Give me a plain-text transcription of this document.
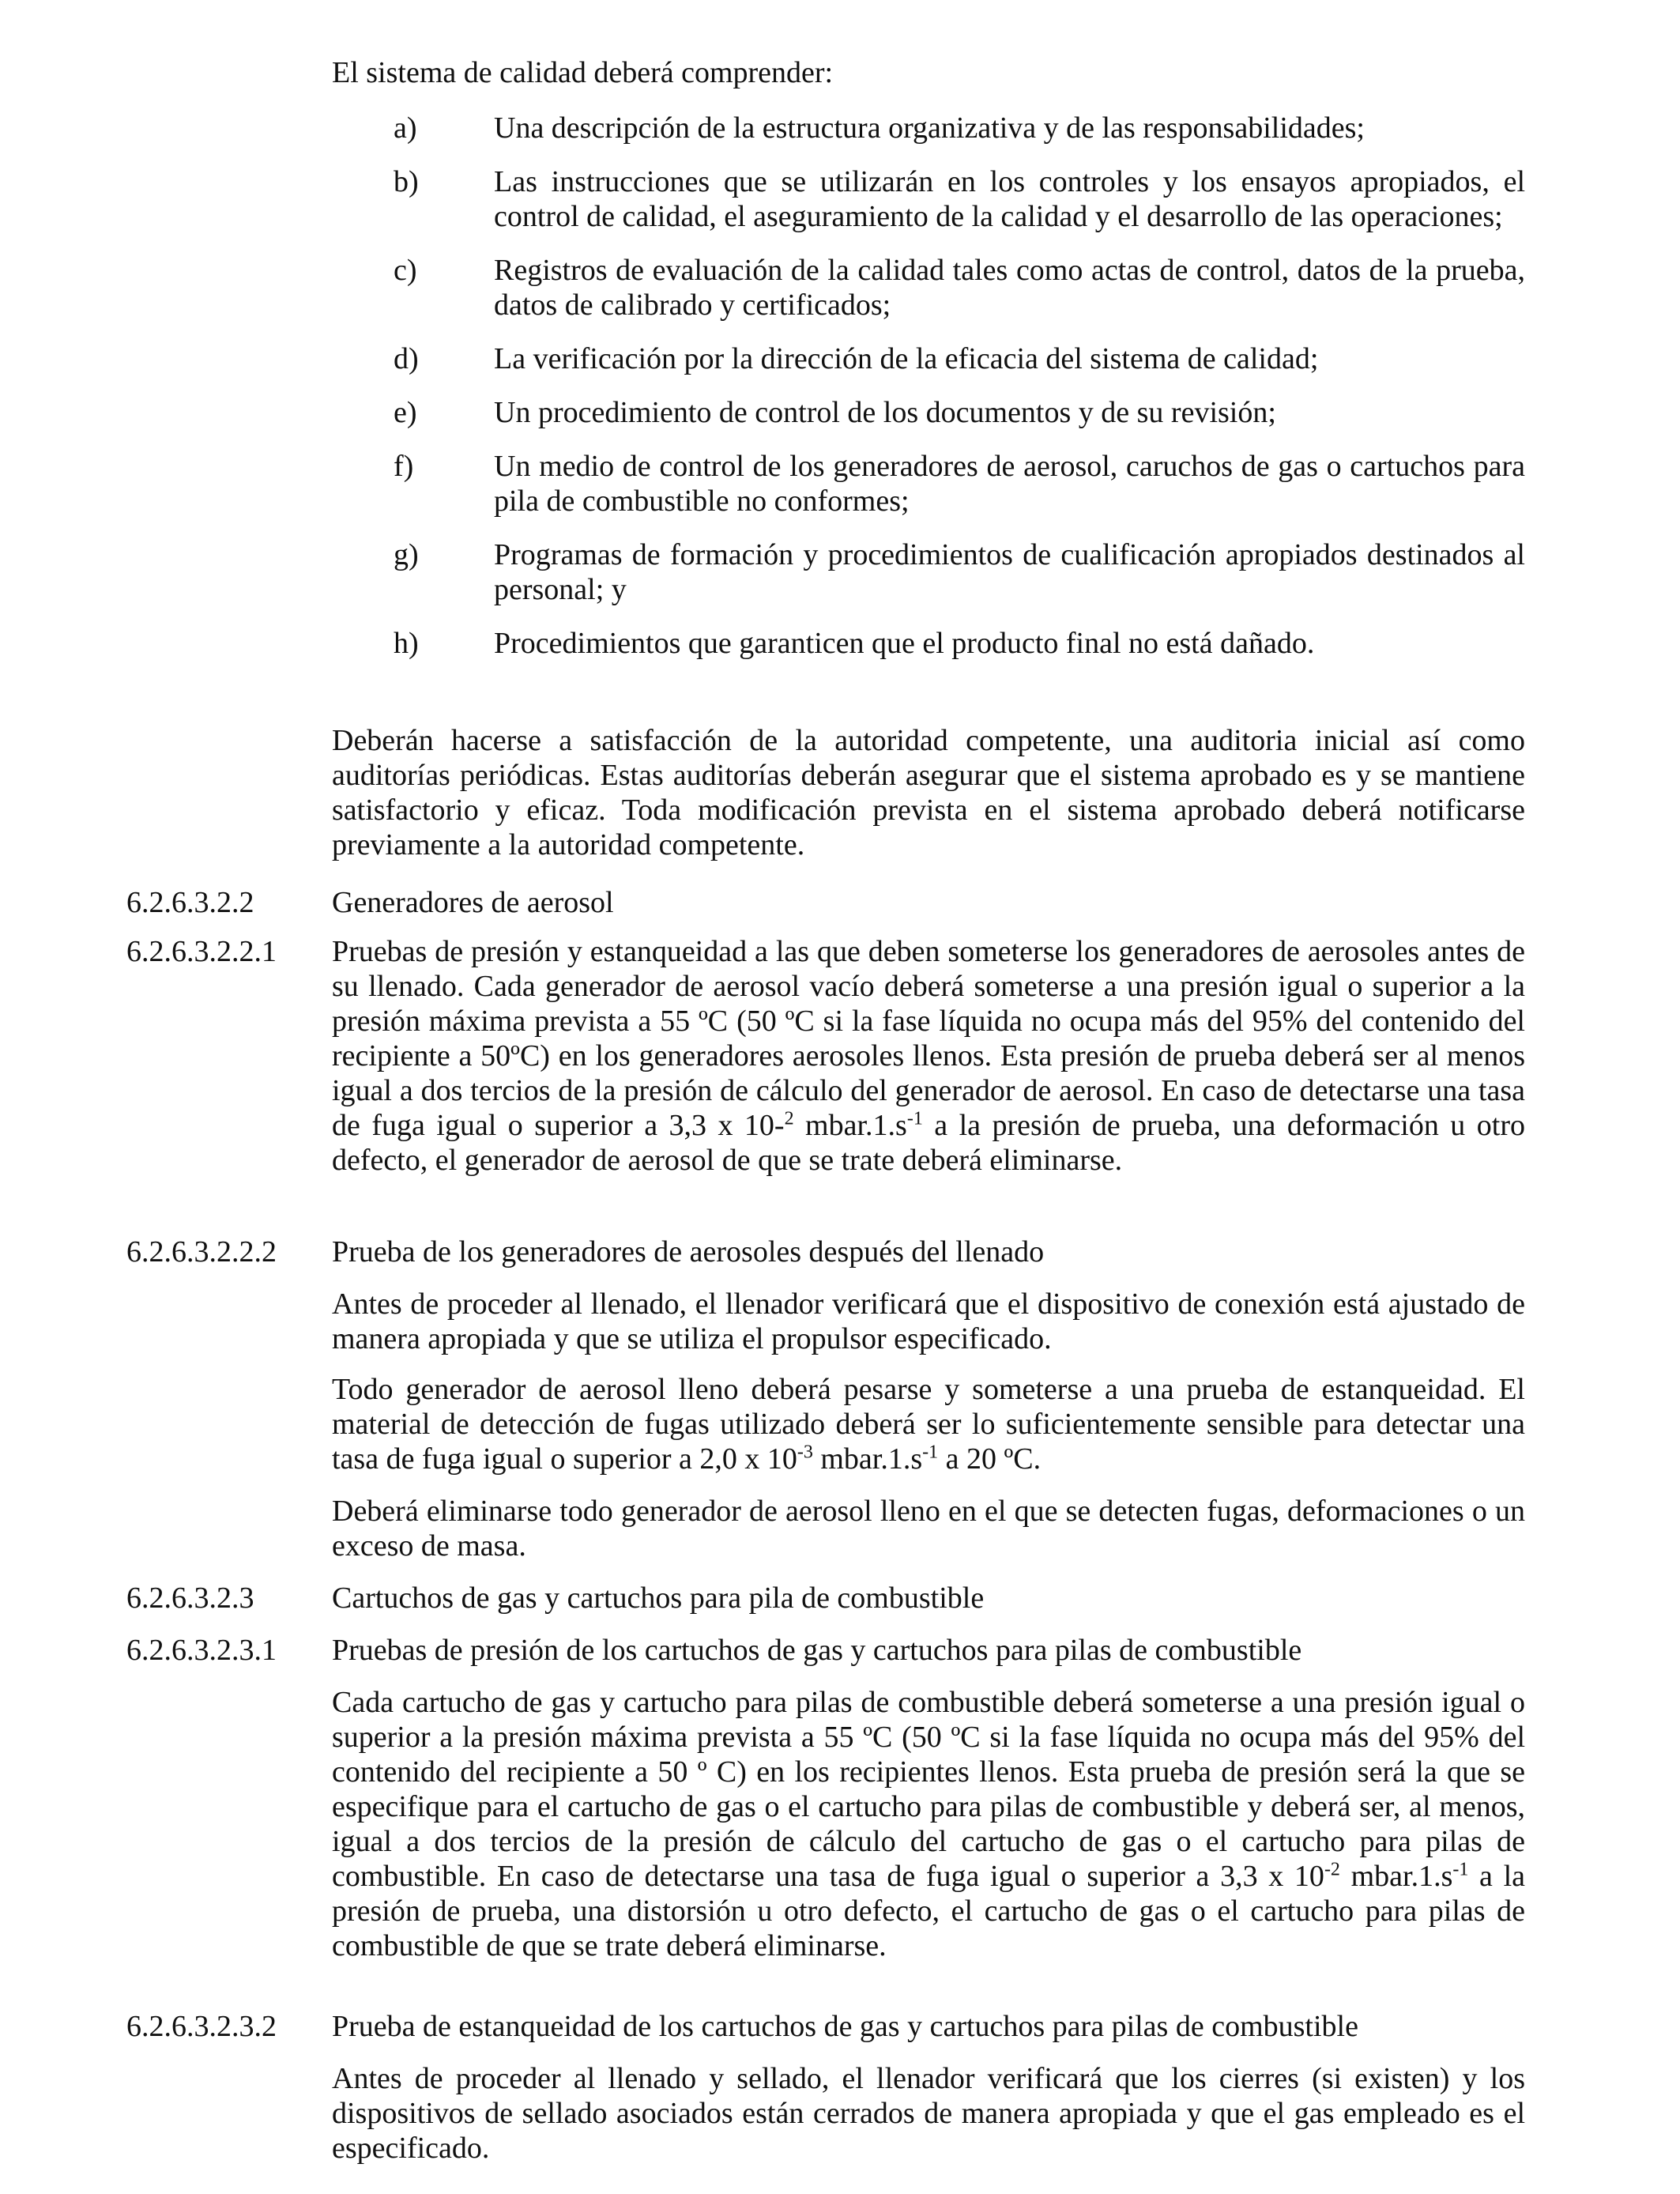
El sistema de calidad deberá comprender:
a)	Una descripción de la estructura organizativa y de las responsabilidades;
b)	Las instrucciones que se utilizarán en los controles y los ensayos apropiados, el control de calidad, el aseguramiento de la calidad y el desarrollo de las operaciones;
c)	Registros de evaluación de la calidad tales como actas de control, datos de la prueba, datos de calibrado y certificados;
d)	La verificación por la dirección de la eficacia del sistema de calidad;
e)	Un procedimiento de control de los documentos y de su revisión;
f)	Un medio de control de los generadores de aerosol, caruchos de gas o cartuchos para pila de combustible no conformes;
g)	Programas de formación y procedimientos de cualificación apropiados destinados al personal; y
h)	Procedimientos que garanticen que el producto final no está dañado.
Deberán hacerse a satisfacción de la autoridad competente, una auditoria inicial así como auditorías periódicas. Estas auditorías deberán asegurar que el sistema aprobado es y se mantiene satisfactorio y eficaz. Toda modificación prevista en el sistema aprobado deberá notificarse previamente a la autoridad competente.
6.2.6.3.2.2	Generadores de aerosol
6.2.6.3.2.2.1 Pruebas de presión y estanqueidad a las que deben someterse los generadores de aerosoles antes de su llenado. Cada generador de aerosol vacío deberá someterse a una presión igual o superior a la presión máxima prevista a 55 ºC (50 ºC si la fase líquida no ocupa más del 95% del contenido del recipiente a 50ºC) en los generadores aerosoles llenos. Esta presión de prueba deberá ser al menos igual a dos tercios de la presión de cálculo del generador de aerosol. En caso de detectarse una tasa de fuga igual o superior a 3,3 x 10-$^2$ $mbar.1.s^{-1}$ a la presión de prueba, una deformación u otro defecto, el generador de aerosol de que se trate deberá eliminarse.
6.2.6.3.2.2.2 Prueba de los generadores de aerosoles después del llenado
Antes de proceder al llenado, el llenador verificará que el dispositivo de conexión está ajustado de manera apropiada y que se utiliza el propulsor especificado.
Todo generador de aerosol lleno deberá pesarse y someterse a una prueba de estanqueidad. El material de detección de fugas utilizado deberá ser lo suficientemente sensible para detectar una tasa de fuga igual o superior a 2,0 x $10^{-3}$ $mbar.1.s^{-1}$ a 20 ºC.
Deberá eliminarse todo generador de aerosol lleno en el que se detecten fugas, deformaciones o un exceso de masa.
6.2.6.3.2.3	Cartuchos de gas y cartuchos para pila de combustible
6.2.6.3.2.3.1 Pruebas de presión de los cartuchos de gas y cartuchos para pilas de combustible
Cada cartucho de gas y cartucho para pilas de combustible deberá someterse a una presión igual o superior a la presión máxima prevista a 55 ºC (50 ºC si la fase líquida no ocupa más del 95% del contenido del recipiente a 50 º C) en los recipientes llenos. Esta prueba de presión será la que se especifique para el cartucho de gas o el cartucho para pilas de combustible y deberá ser, al menos, igual a dos tercios de la presión de cálculo del cartucho de gas o el cartucho para pilas de combustible. En caso de detectarse una tasa de fuga igual o superior a 3,3 x $10^{-2}$ $mbar.1.s^{-1}$ a la presión de prueba, una distorsión u otro defecto, el cartucho de gas o el cartucho para pilas de combustible de que se trate deberá eliminarse.
6.2.6.3.2.3.2 Prueba de estanqueidad de los cartuchos de gas y cartuchos para pilas de combustible
Antes de proceder al llenado y sellado, el llenador verificará que los cierres (si existen) y los dispositivos de sellado asociados están cerrados de manera apropiada y que el gas empleado es el especificado.
